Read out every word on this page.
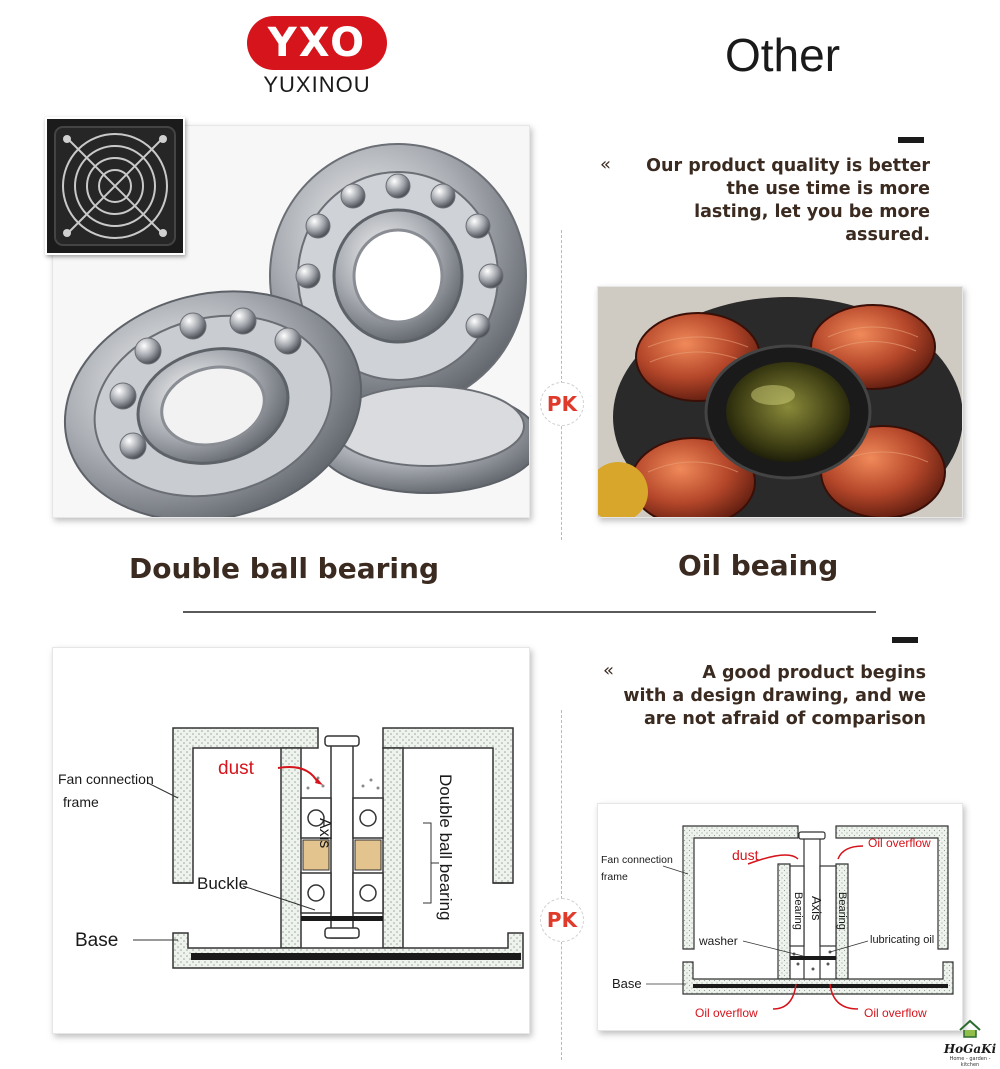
YXO
YUXINOU
Other
«	Our product quality is better
the use time is more
lasting, let you be more
assured.
PK
Double ball bearing	Oil beaing
«	A good product begins
with a design drawing, and we
are not afraid of comparison
PK
Fan connection
frame
dust
Axis
Buckle
Base
Double ball bearing	Fan connection
frame
dust
Oil overflow
Bearing Axis Bearing
washer	lubricating oil
Base
Oil overflow	Oil overflow
HoGaKi
Home - garden - kitchen
